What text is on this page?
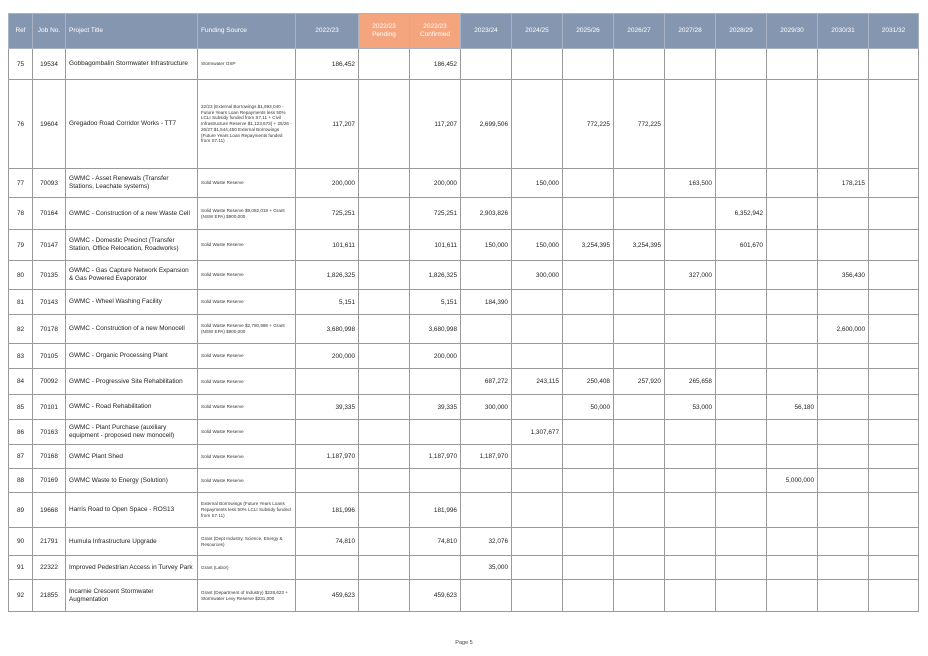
Ref	Job No.	Project Title	Funding Source	2022/23	2022/23 Pending	2022/23 Confirmed	2023/24	2024/25	2025/26	2026/27	2027/28	2028/29	2029/30	2030/31	2031/32
75	19534	Gobbagombalin Stormwater Infrastructure	Stormwater OSP	186,452		186,452									
76	19604	Gregadoo Road Corridor Works - TT7	22/23 (External Borrowings $1,693,040 -Future Years Loan Repayments less 50% LCLI Subsidy funded from S7.11 + Civil Infrastructure Reserve $1,123,673) + 25/26 - 26/27 $1,544,450 External Borrowings (Future Years Loan Repayments funded from S7.11)	117,207		117,207	2,699,506		772,225	772,225					
77	70093	GWMC - Asset Renewals (Transfer Stations, Leachate systems)	Solid Waste Reserve	200,000		200,000		150,000			163,500			178,215	
78	70164	GWMC - Construction of a new Waste Cell	Solid Waste Reserve $9,082,019 + Grant (NSW EPA) $900,000	725,251		725,251	2,903,826					6,352,942			
79	70147	GWMC - Domestic Precinct (Transfer Station, Office Relocation, Roadworks)	Solid Waste Reserve	101,611		101,611	150,000	150,000	3,254,395	3,254,395		601,670			
80	70135	GWMC - Gas Capture Network Expansion & Gas Powered Evaporator	Solid Waste Reserve	1,826,325		1,826,325		300,000			327,000			356,430	
81	70143	GWMC - Wheel Washing Facility	Solid Waste Reserve	5,151		5,151	184,390								
82	70178	GWMC - Construction of a new Monocell	Solid Waste Reserve $2,780,998 + Grant (NSW EPA) $900,000	3,680,998		3,680,998								2,600,000	
83	70105	GWMC - Organic Processing Plant	Solid Waste Reserve	200,000		200,000									
84	70092	GWMC - Progressive Site Rehabilitation	Solid Waste Reserve				687,272	243,115	250,408	257,920	265,658				
85	70101	GWMC - Road Rehabilitation	Solid Waste Reserve	39,335		39,335	300,000		50,000		53,000		56,180		
86	70163	GWMC - Plant Purchase (auxiliary equipment - proposed new monocell)	Solid Waste Reserve					1,307,677							
87	70168	GWMC Plant Shed	Solid Waste Reserve	1,187,970		1,187,970	1,187,970								
88	70169	GWMC Waste to Energy (Solution)	Solid Waste Reserve										5,000,000		
89	19668	Harris Road to Open Space - ROS13	External Borrowings (Future Years Loans Repayments less 50% LCLI Subsidy funded from S7.11)	181,996		181,996									
90	21791	Humula Infrastructure Upgrade	Grant (Dept Industry, Science, Energy & Resources)	74,810		74,810	32,076								
91	22322	Improved Pedestrian Access in Turvey Park	Grant (Labor)				35,000								
92	21855	Incarnie Crescent Stormwater Augmentation	Grant (Department of Industry) $228,623 + Stormwater Levy Reserve $231,000	459,623		459,623									
Page 5
